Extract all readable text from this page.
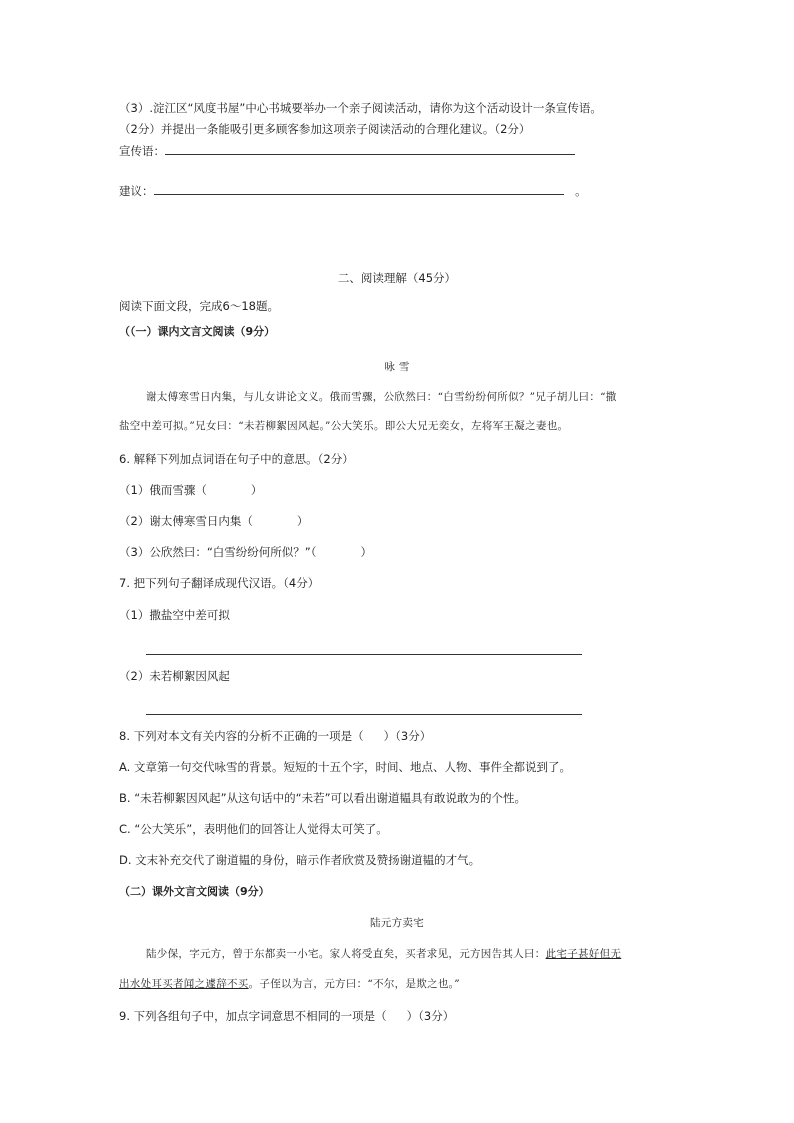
（3）.淀江区“风度书屋”中心书城要举办一个亲子阅读活动，请你为这个活动设计一条宣传语。
（2分）并提出一条能吸引更多顾客参加这项亲子阅读活动的合理化建议。（2分）
宣传语：
建议：	。
二、阅读理解（45分）
阅读下面文段，完成6～18题。
（（一）课内文言文阅读（9分）
咏 雪
谢太傅寒雪日内集，与儿女讲论文义。俄而雪骤，公欣然曰：“白雪纷纷何所似？”兄子胡儿曰：“撒
盐空中差可拟。”兄女曰：“未若柳絮因风起。”公大笑乐。即公大兄无奕女，左将军王凝之妻也。
6. 解释下列加点词语在句子中的意思。（2分）
（1）俄而雪骤（	）
（2）谢太傅寒雪日内集（	）
（3）公欣然曰：“白雪纷纷何所似？”（	）
7. 把下列句子翻译成现代汉语。（4分）
（1）撒盐空中差可拟
（2）未若柳絮因风起
8. 下列对本文有关内容的分析不正确的一项是（ ）（3分）
A. 文章第一句交代咏雪的背景。短短的十五个字，时间、地点、人物、事件全都说到了。
B. “未若柳絮因风起”从这句话中的“未若”可以看出谢道韫具有敢说敢为的个性。
C. “公大笑乐”，表明他们的回答让人觉得太可笑了。
D. 文末补充交代了谢道韫的身份，暗示作者欣赏及赞扬谢道韫的才气。
（二）课外文言文阅读（9分）
陆元方卖宅
陆少保，字元方，曾于东都卖一小宅。家人将受直矣，买者求见，元方因告其人曰：此宅子甚好但无
出水处耳买者闻之遽辞不买。子侄以为言，元方曰：“不尔，是欺之也。”
9. 下列各组句子中，加点字词意思不相同的一项是（ ）（3分）
